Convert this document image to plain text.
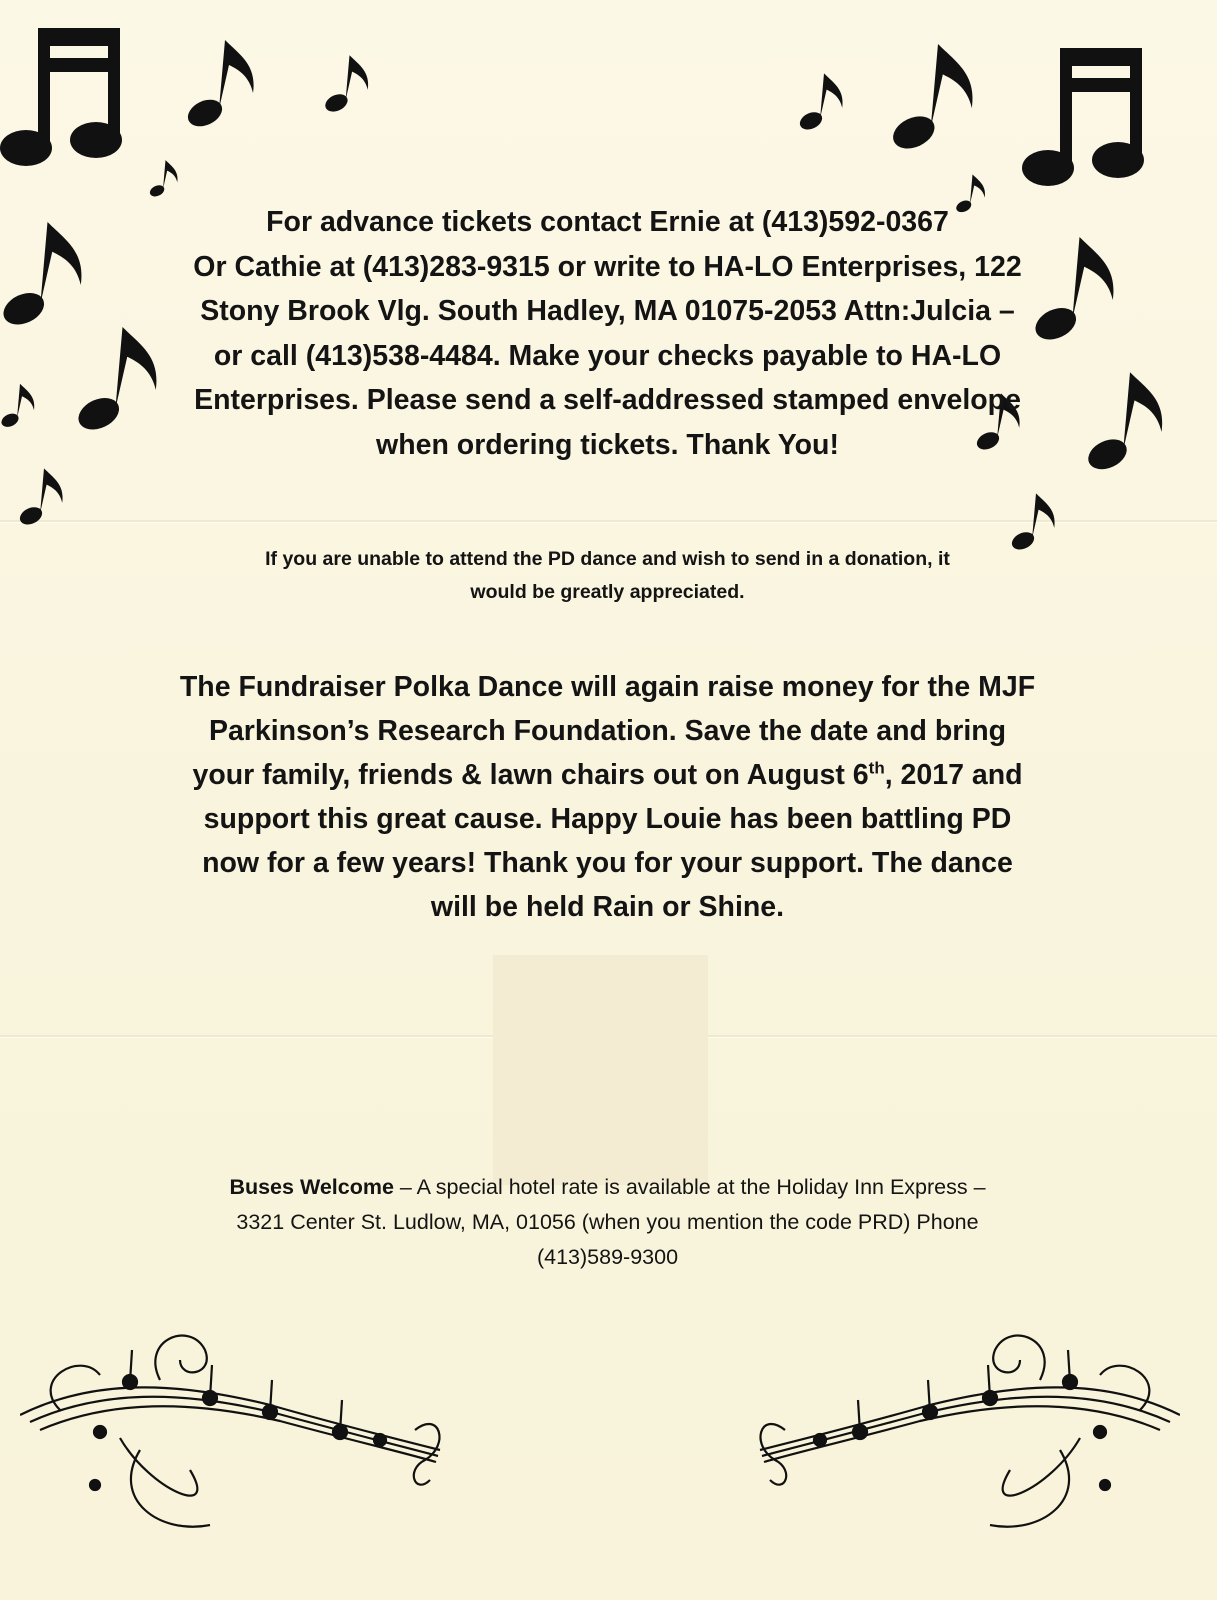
For advance tickets contact Ernie at (413)592-0367
Or Cathie at (413)283-9315 or write to HA-LO Enterprises, 122
Stony Brook Vlg. South Hadley, MA 01075-2053 Attn:Julcia –
or call (413)538-4484. Make your checks payable to HA-LO
Enterprises. Please send a self-addressed stamped envelope
when ordering tickets. Thank You!
If you are unable to attend the PD dance and wish to send in a donation, it
would be greatly appreciated.
The Fundraiser Polka Dance will again raise money for the MJF
Parkinson’s Research Foundation. Save the date and bring
your family, friends & lawn chairs out on August 6th, 2017 and
support this great cause. Happy Louie has been battling PD
now for a few years! Thank you for your support. The dance
will be held Rain or Shine.
Buses Welcome – A special hotel rate is available at the Holiday Inn Express –
3321 Center St. Ludlow, MA, 01056 (when you mention the code PRD) Phone
(413)589-9300
